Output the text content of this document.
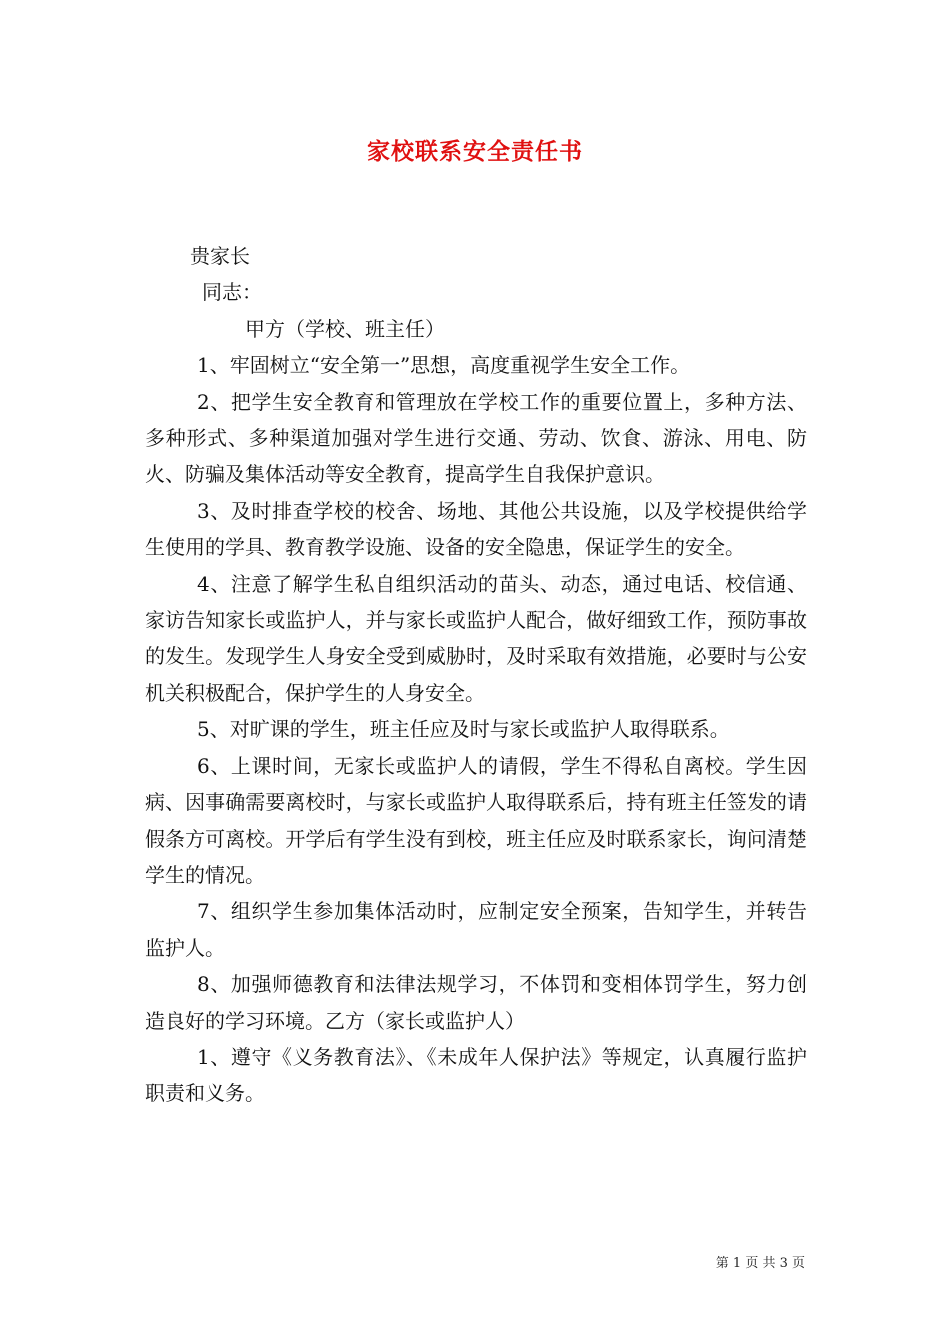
家校联系安全责任书

贵家长

同志：

甲方（学校、班主任）

1、牢固树立“安全第一”思想，高度重视学生安全工作。

2、把学生安全教育和管理放在学校工作的重要位置上，多种方法、多种形式、多种渠道加强对学生进行交通、劳动、饮食、游泳、用电、防火、防骗及集体活动等安全教育，提高学生自我保护意识。

3、及时排查学校的校舍、场地、其他公共设施，以及学校提供给学生使用的学具、教育教学设施、设备的安全隐患，保证学生的安全。

4、注意了解学生私自组织活动的苗头、动态，通过电话、校信通、家访告知家长或监护人，并与家长或监护人配合，做好细致工作，预防事故的发生。发现学生人身安全受到威胁时，及时采取有效措施，必要时与公安机关积极配合，保护学生的人身安全。

5、对旷课的学生，班主任应及时与家长或监护人取得联系。

6、上课时间，无家长或监护人的请假，学生不得私自离校。学生因病、因事确需要离校时，与家长或监护人取得联系后，持有班主任签发的请假条方可离校。开学后有学生没有到校，班主任应及时联系家长，询问清楚学生的情况。

7、组织学生参加集体活动时，应制定安全预案，告知学生，并转告监护人。

8、加强师德教育和法律法规学习，不体罚和变相体罚学生，努力创造良好的学习环境。乙方（家长或监护人）

1、遵守《义务教育法》、《未成年人保护法》等规定，认真履行监护职责和义务。

第 1 页 共 3 页
